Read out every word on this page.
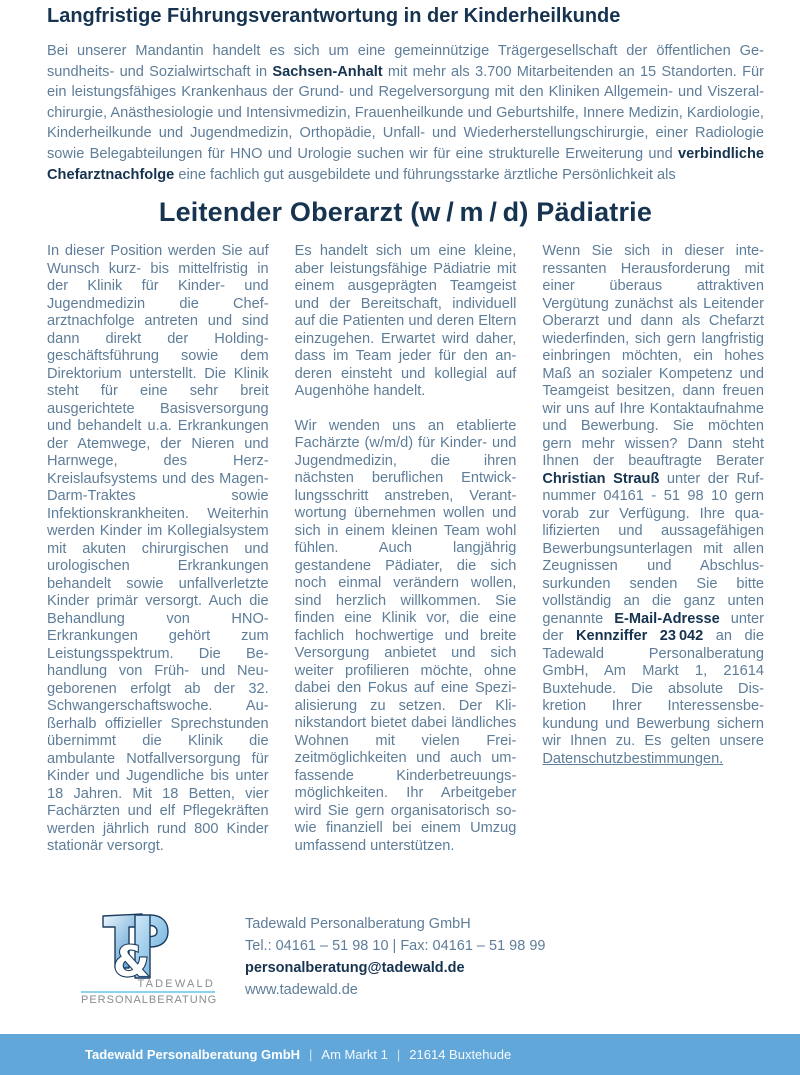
Langfristige Führungsverantwortung in der Kinderheilkunde

Bei unserer Mandantin handelt es sich um eine gemeinnützige Trägergesellschaft der öffentlichen Gesundheits- und Sozialwirtschaft in Sachsen-Anhalt mit mehr als 3.700 Mitarbeitenden an 15 Standorten. Für ein leistungsfähiges Krankenhaus der Grund- und Regelversorgung mit den Kliniken Allgemein- und Viszeralchirurgie, Anästhesiologie und Intensivmedizin, Frauenheilkunde und Geburtshilfe, Innere Medizin, Kardiologie, Kinderheilkunde und Jugendmedizin, Orthopädie, Unfall- und Wiederherstellungschirurgie, einer Radiologie sowie Belegabteilungen für HNO und Urologie suchen wir für eine strukturelle Erweiterung und verbindliche Chefarztnachfolge eine fachlich gut ausgebildete und führungsstarke ärztliche Persönlichkeit als

Leitender Oberarzt (w / m / d) Pädiatrie

In dieser Position werden Sie auf Wunsch kurz- bis mittelfristig in der Klinik für Kinder- und Jugendmedizin die Chefarztnachfolge antreten und sind dann direkt der Holdinggeschäftsführung sowie dem Direktorium unterstellt. Die Klinik steht für eine sehr breit ausgerichtete Basisversorgung und behandelt u.a. Erkrankungen der Atemwege, der Nieren und Harnwege, des Herz-Kreislaufsystems und des Magen-Darm-Traktes sowie Infektionskrankheiten. Weiterhin werden Kinder im Kollegialsystem mit akuten chirurgischen und urologischen Erkrankungen behandelt sowie unfallverletzte Kinder primär versorgt. Auch die Behandlung von HNO-Erkrankungen gehört zum Leistungsspektrum. Die Behandlung von Früh- und Neugeborenen erfolgt ab der 32. Schwangerschaftswoche. Außerhalb offizieller Sprechstunden übernimmt die Klinik die ambulante Notfallversorgung für Kinder und Jugendliche bis unter 18 Jahren. Mit 18 Betten, vier Fachärzten und elf Pflegekräften werden jährlich rund 800 Kinder stationär versorgt.

Es handelt sich um eine kleine, aber leistungsfähige Pädiatrie mit einem ausgeprägten Teamgeist und der Bereitschaft, individuell auf die Patienten und deren Eltern einzugehen. Erwartet wird daher, dass im Team jeder für den anderen einsteht und kollegial auf Augenhöhe handelt.

Wir wenden uns an etablierte Fachärzte (w/m/d) für Kinder- und Jugendmedizin, die ihren nächsten beruflichen Entwicklungsschritt anstreben, Verantwortung übernehmen wollen und sich in einem kleinen Team wohl fühlen. Auch langjährig gestandene Pädiater, die sich noch einmal verändern wollen, sind herzlich willkommen. Sie finden eine Klinik vor, die eine fachlich hochwertige und breite Versorgung anbietet und sich weiter profilieren möchte, ohne dabei den Fokus auf eine Spezialisierung zu setzen. Der Klinikstandort bietet dabei ländliches Wohnen mit vielen Freizeitmöglichkeiten und auch umfassende Kinderbetreuungsmöglichkeiten. Ihr Arbeitgeber wird Sie gern organisatorisch sowie finanziell bei einem Umzug umfassend unterstützen.

Wenn Sie sich in dieser interessanten Herausforderung mit einer überaus attraktiven Vergütung zunächst als Leitender Oberarzt und dann als Chefarzt wiederfinden, sich gern langfristig einbringen möchten, ein hohes Maß an sozialer Kompetenz und Teamgeist besitzen, dann freuen wir uns auf Ihre Kontaktaufnahme und Bewerbung. Sie möchten gern mehr wissen? Dann steht Ihnen der beauftragte Berater Christian Strauß unter der Rufnummer 04161 - 51 98 10 gern vorab zur Verfügung. Ihre qualifizierten und aussagefähigen Bewerbungsunterlagen mit allen Zeugnissen und Abschlussurkunden senden Sie bitte vollständig an die ganz unten genannte E-Mail-Adresse unter der Kennziffer 23 042 an die Tadewald Personalberatung GmbH, Am Markt 1, 21614 Buxtehude. Die absolute Diskretion Ihrer Interessensbekundung und Bewerbung sichern wir Ihnen zu. Es gelten unsere Datenschutzbestimmungen.

&
TADEWALD
PERSONALBERATUNG
Tadewald Personalberatung GmbH
Tel.: 04161 – 51 98 10 | Fax: 04161 – 51 98 99
personalberatung@tadewald.de
www.tadewald.de
Tadewald Personalberatung GmbH | Am Markt 1 | 21614 Buxtehude
